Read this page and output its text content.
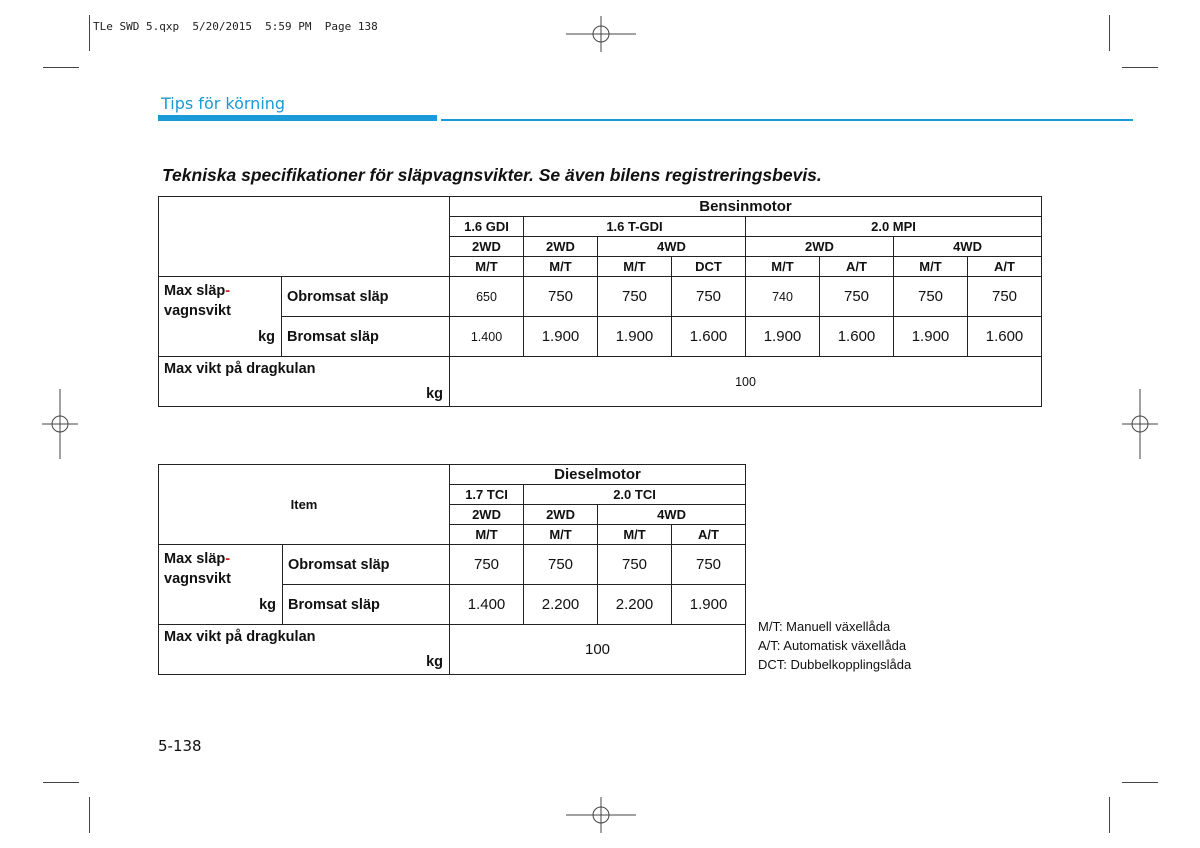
TLe SWD 5.qxp  5/20/2015  5:59 PM  Page 138
Tips för körning
Tekniska specifikationer för släpvagnsvikter. Se även bilens registreringsbevis.
		Bensinmotor							
		1.6 GDI	1.6 T-GDI			2.0 MPI			
		2WD	2WD	4WD		2WD		4WD	
		M/T	M/T	M/T	DCT	M/T	A/T	M/T	A/T

Max släp-
vagnsvikt
kg	Obromsat släp	650	750	750	750	740	750	750	750
	Bromsat släp	1.400	1.900	1.900	1.600	1.900	1.600	1.900	1.600

Max vikt på dragkulan
kg		100							
Item		Dieselmotor			
		1.7 TCI	2.0 TCI		
		2WD	2WD	4WD	
		M/T	M/T	M/T	A/T

Max släp-
vagnsvikt
kg	Obromsat släp	750	750	750	750
	Bromsat släp	1.400	2.200	2.200	1.900

Max vikt på dragkulan
kg		100			
M/T: Manuell växellåda
A/T: Automatisk växellåda
DCT: Dubbelkopplingslåda
5-138
